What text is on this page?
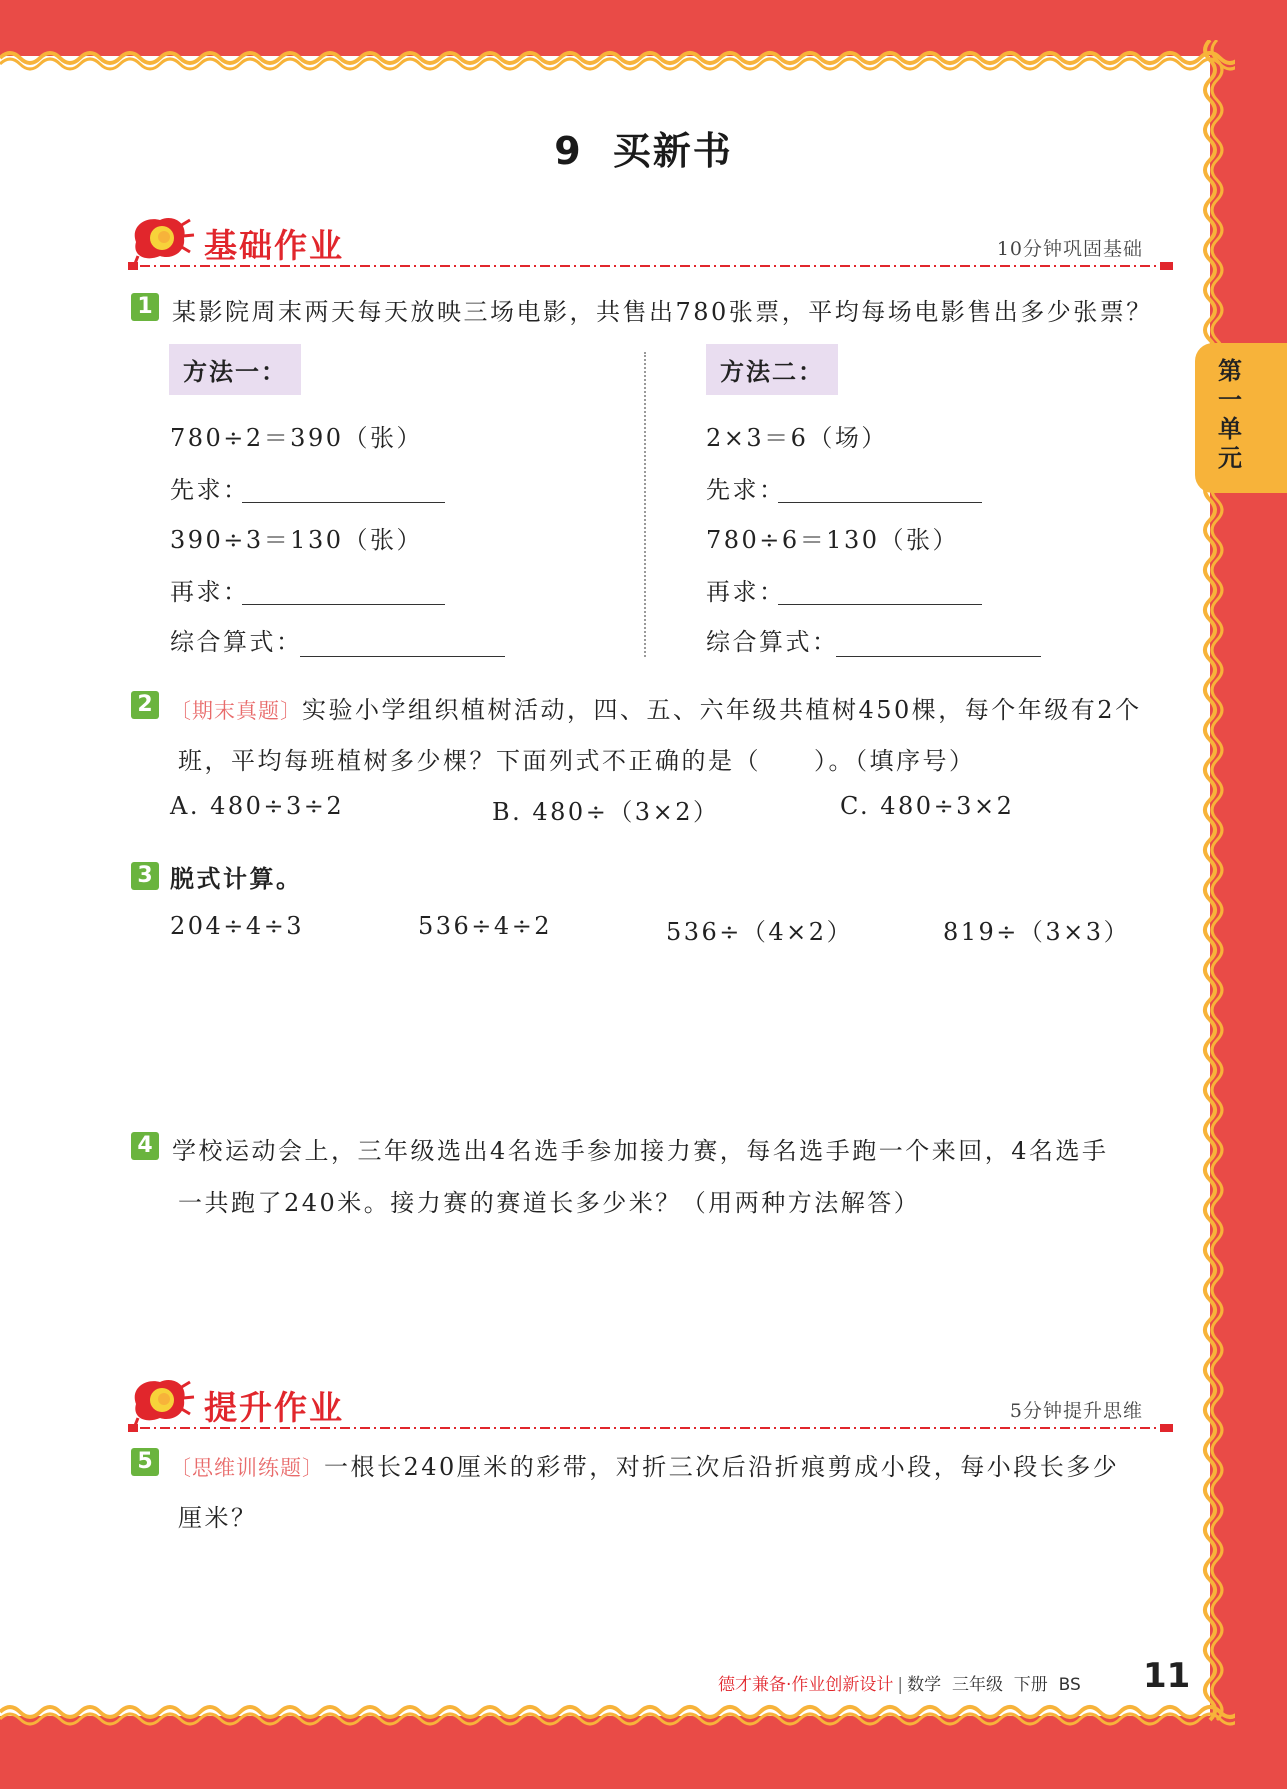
第一单元
9 买新书
基础作业	10分钟巩固基础
1 某影院周末两天每天放映三场电影，共售出780张票，平均每场电影售出多少张票？
方法一：
780÷2＝390（张）
先求：
390÷3＝130（张）
再求：
综合算式：
方法二：
2×3＝6（场）
先求：
780÷6＝130（张）
再求：
综合算式：
2 〔期末真题〕实验小学组织植树活动，四、五、六年级共植树450棵，每个年级有2个
班，平均每班植树多少棵？下面列式不正确的是（　　）。（填序号）
A. 480÷3÷2	B. 480÷（3×2）	C. 480÷3×2
3 脱式计算。
204÷4÷3	536÷4÷2	536÷（4×2）	819÷（3×3）
4 学校运动会上，三年级选出4名选手参加接力赛，每名选手跑一个来回，4名选手
一共跑了240米。接力赛的赛道长多少米？（用两种方法解答）
提升作业	5分钟提升思维
5 〔思维训练题〕一根长240厘米的彩带，对折三次后沿折痕剪成小段，每小段长多少
厘米？
德才兼备·作业创新设计 | 数学 三年级 下册 BS 11
